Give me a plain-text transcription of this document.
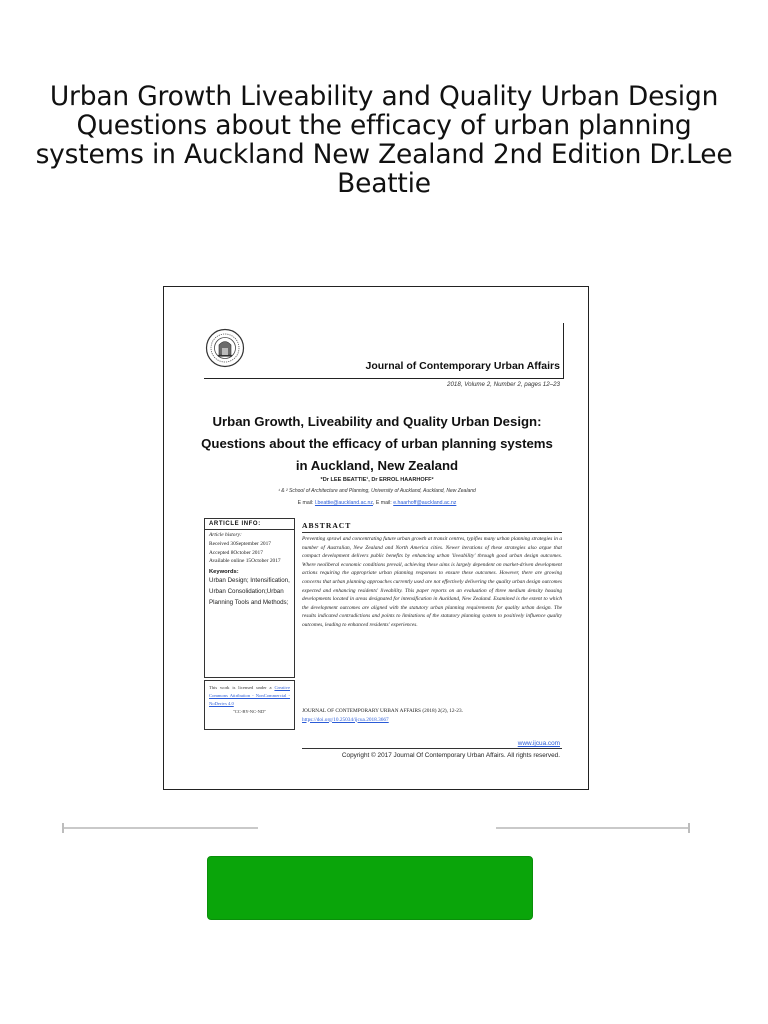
Urban Growth Liveability and Quality Urban Design Questions about the efficacy of urban planning systems in Auckland New Zealand 2nd Edition Dr.Lee Beattie
Journal of Contemporary Urban Affairs
2018, Volume 2, Number 2, pages 12–23
Urban Growth, Liveability and Quality Urban Design: Questions about the efficacy of urban planning systems in Auckland, New Zealand
*Dr LEE BEATTIE¹, Dr ERROL HAARHOFF²
¹ & ² School of Architecture and Planning, University of Auckland, Auckland, New Zealand
E mail: l.beattie@auckland.ac.nz, E mail: e.haarhoff@auckland.ac.nz
ARTICLE INFO:
Article history:
Received 30September 2017
Accepted 8October 2017
Available online 15October 2017
Keywords:
Urban Design; Intensification, Urban Consolidation;Urban Planning Tools and Methods;
This work is licensed under a Creative Commons Attribution - NonCommercial - NoDerivs 4.0
"CC-BY-NC-ND"
ABSTRACT
Preventing sprawl and concentrating future urban growth at transit centres, typifies many urban planning strategies in a number of Australian, New Zealand and North America cities. Newer iterations of these strategies also argue that compact development delivers public benefits by enhancing urban 'liveability' through good urban design outcomes. Where neoliberal economic conditions prevail, achieving these aims is largely dependent on market-driven development actions requiring the appropriate urban planning responses to ensure these outcomes. However, there are growing concerns that urban planning approaches currently used are not effectively delivering the quality urban design outcomes expected and enhancing residents' liveability. This paper reports on an evaluation of three medium density housing developments located in areas designated for intensification in Auckland, New Zealand. Examined is the extent to which the development outcomes are aligned with the statutory urban planning requirements for quality urban design. The results indicated contradictions and points to limitations of the statutory planning system to positively influence quality outcomes, leading to enhanced residents' experiences.
JOURNAL OF CONTEMPORARY URBAN AFFAIRS (2018) 2(2), 12-23.
https://doi.org/10.25034/ijcua.2018.3667
www.ijcua.com
Copyright © 2017 Journal Of Contemporary Urban Affairs. All rights reserved.
